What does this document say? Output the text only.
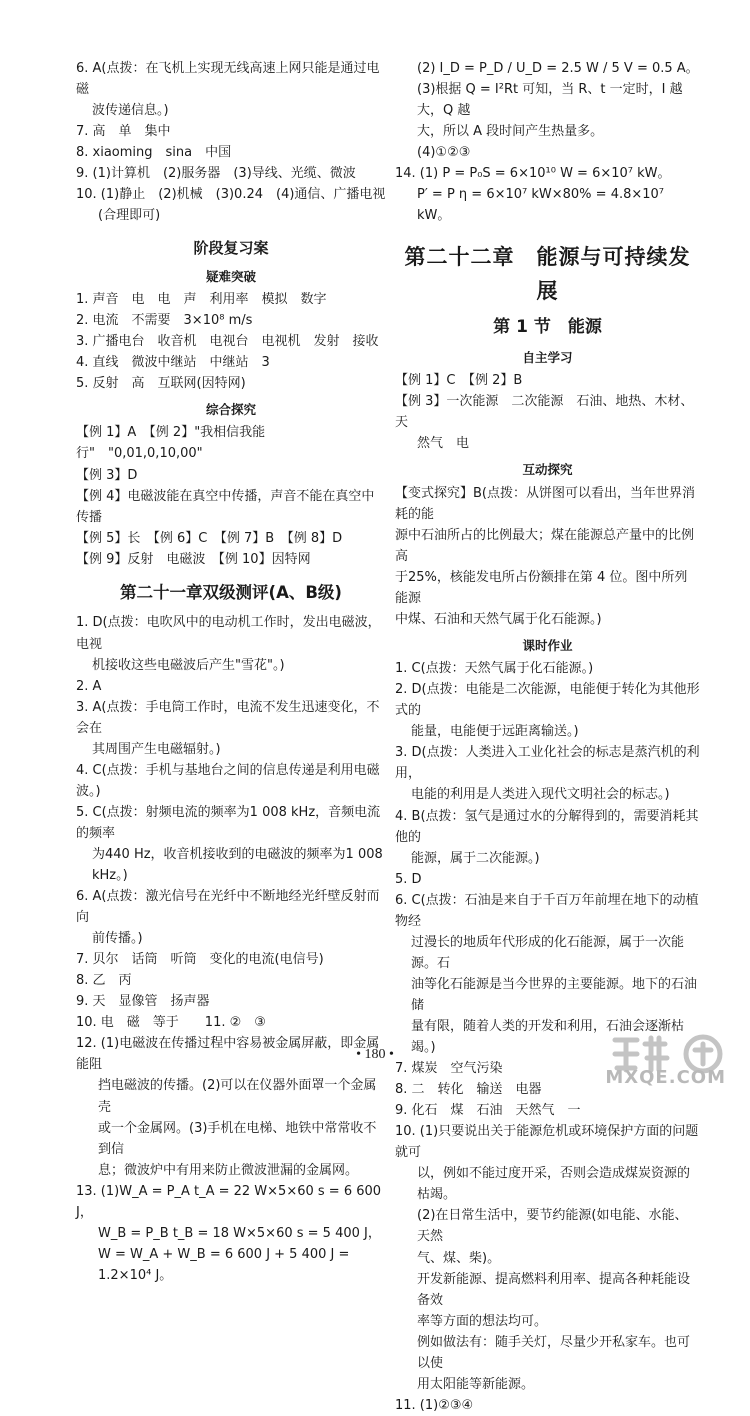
6. A(点拨：在飞机上实现无线高速上网只能是通过电磁
波传递信息。)
7. 高　单　集中
8. xiaoming　sina　中国
9. (1)计算机　(2)服务器　(3)导线、光缆、微波
10. (1)静止　(2)机械　(3)0.24　(4)通信、广播电视
(合理即可)
阶段复习案
疑难突破
1. 声音　电　电　声　利用率　模拟　数字
2. 电流　不需要　3×10⁸ m/s
3. 广播电台　收音机　电视台　电视机　发射　接收
4. 直线　微波中继站　中继站　3
5. 反射　高　互联网(因特网)
综合探究
【例 1】A　【例 2】"我相信我能行"　"0,01,0,10,00"
【例 3】D
【例 4】电磁波能在真空中传播，声音不能在真空中传播
【例 5】长　【例 6】C　【例 7】B　【例 8】D
【例 9】反射　电磁波　【例 10】因特网
第二十一章双级测评(A、B级)
1. D(点拨：电吹风中的电动机工作时，发出电磁波，电视
机接收这些电磁波后产生"雪花"。)
2. A
3. A(点拨：手电筒工作时，电流不发生迅速变化，不会在
其周围产生电磁辐射。)
4. C(点拨：手机与基地台之间的信息传递是利用电磁波。)
5. C(点拨：射频电流的频率为1 008 kHz，音频电流的频率
为440 Hz，收音机接收到的电磁波的频率为1 008 kHz。)
6. A(点拨：激光信号在光纤中不断地经光纤壁反射而向
前传播。)
7. 贝尔　话筒　听筒　变化的电流(电信号)
8. 乙　丙
9. 天　显像管　扬声器
10. 电　磁　等于　　11. ②　③
12. (1)电磁波在传播过程中容易被金属屏蔽，即金属能阻
挡电磁波的传播。(2)可以在仪器外面罩一个金属壳
或一个金属网。(3)手机在电梯、地铁中常常收不到信
息；微波炉中有用来防止微波泄漏的金属网。
13. (1)W_A = P_A t_A = 22 W×5×60 s = 6 600 J，
W_B = P_B t_B = 18 W×5×60 s = 5 400 J，
W = W_A + W_B = 6 600 J + 5 400 J = 1.2×10⁴ J。
(2) I_D = P_D / U_D = 2.5 W / 5 V = 0.5 A。
(3)根据 Q = I²Rt 可知，当 R、t 一定时，I 越大，Q 越
大，所以 A 段时间产生热量多。
(4)①②③
14. (1) P = P₀S = 6×10¹⁰ W = 6×10⁷ kW。
P′ = P η = 6×10⁷ kW×80% = 4.8×10⁷ kW。
第二十二章　能源与可持续发展
第 1 节　能源
自主学习
【例 1】C　【例 2】B
【例 3】一次能源　二次能源　石油、地热、木材、天
然气　电
互动探究
【变式探究】B(点拨：从饼图可以看出，当年世界消耗的能
源中石油所占的比例最大；煤在能源总产量中的比例高
于25%，核能发电所占份额排在第 4 位。图中所列能源
中煤、石油和天然气属于化石能源。)
课时作业
1. C(点拨：天然气属于化石能源。)
2. D(点拨：电能是二次能源，电能便于转化为其他形式的
能量，电能便于远距离输送。)
3. D(点拨：人类进入工业化社会的标志是蒸汽机的利用，
电能的利用是人类进入现代文明社会的标志。)
4. B(点拨：氢气是通过水的分解得到的，需要消耗其他的
能源，属于二次能源。)
5. D
6. C(点拨：石油是来自于千百万年前埋在地下的动植物经
过漫长的地质年代形成的化石能源，属于一次能源。石
油等化石能源是当今世界的主要能源。地下的石油储
量有限，随着人类的开发和利用，石油会逐渐枯竭。)
7. 煤炭　空气污染
8. 二　转化　输送　电器
9. 化石　煤　石油　天然气　一
10. (1)只要说出关于能源危机或环境保护方面的问题就可
以，例如不能过度开采，否则会造成煤炭资源的枯竭。
(2)在日常生活中，要节约能源(如电能、水能、天然
气、煤、柴)。
开发新能源、提高燃料利用率、提高各种耗能设备效
率等方面的想法均可。
例如做法有：随手关灯，尽量少开私家车。也可以使
用太阳能等新能源。
11. (1)②③④
• 180 •
MXQE.COM
